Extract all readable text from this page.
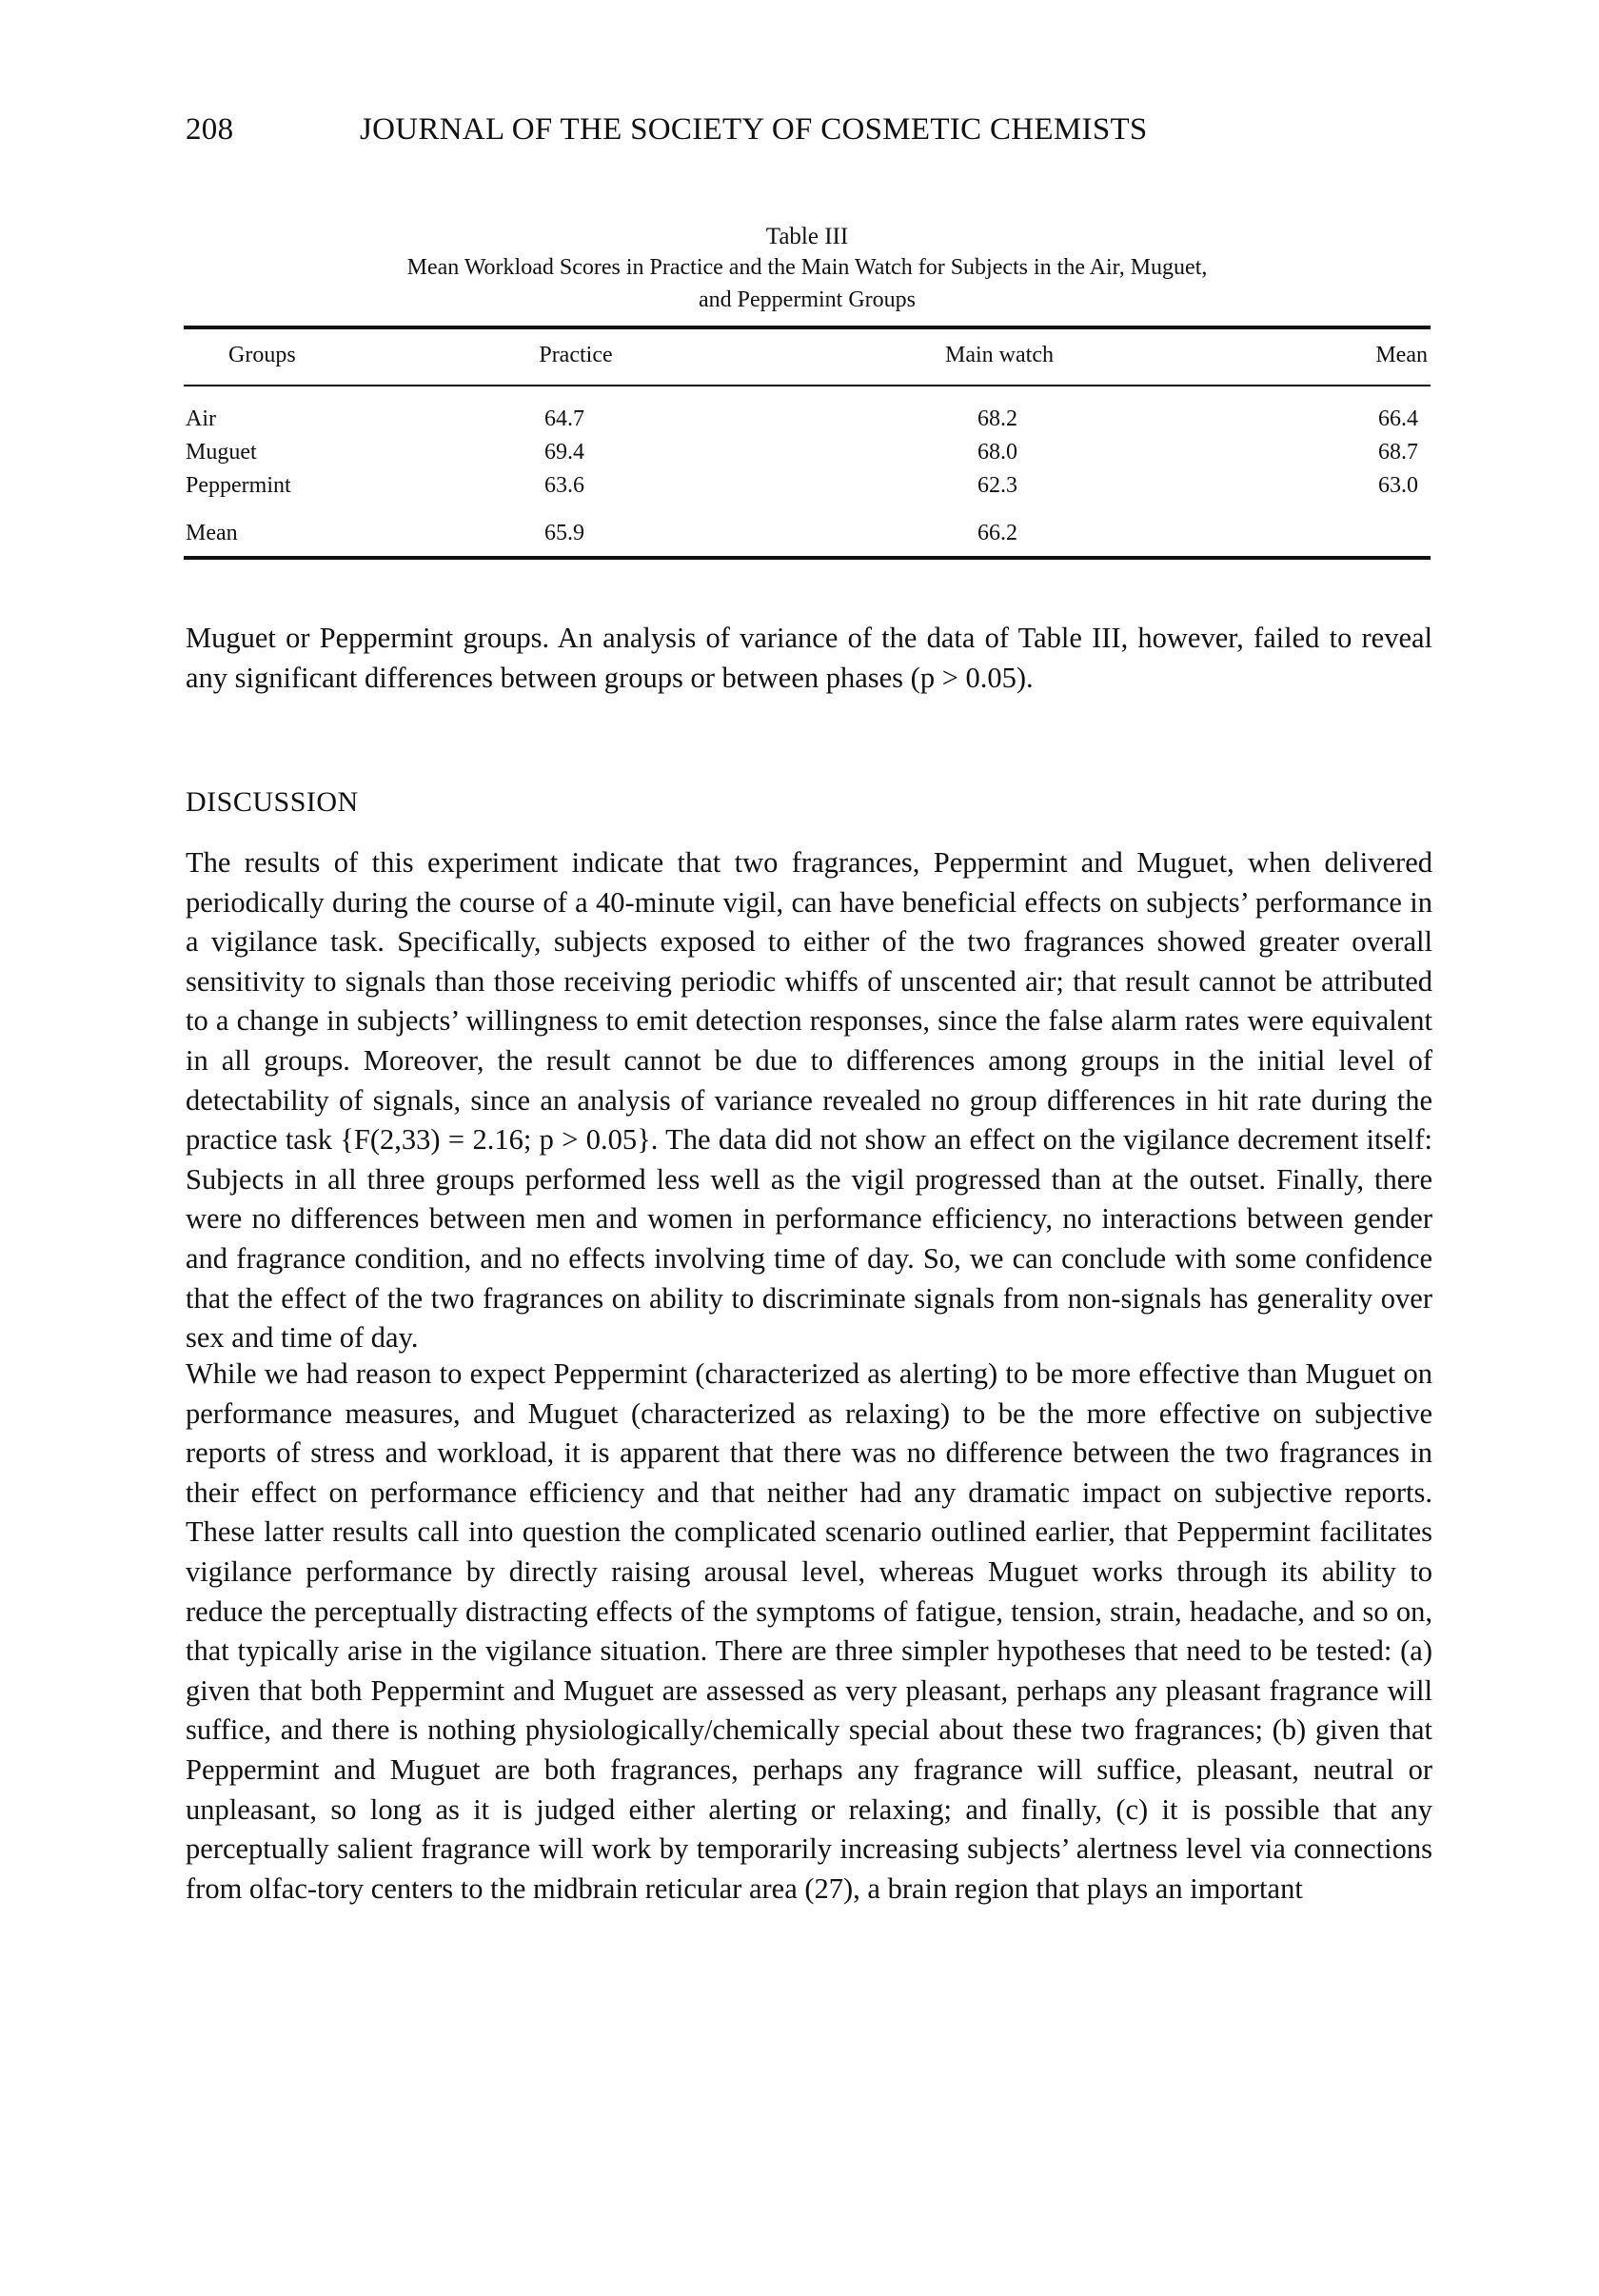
208	JOURNAL OF THE SOCIETY OF COSMETIC CHEMISTS
Table III
Mean Workload Scores in Practice and the Main Watch for Subjects in the Air, Muguet,
and Peppermint Groups
Groups	Practice	Main watch	Mean
Air	64.7	68.2	66.4
Muguet	69.4	68.0	68.7
Peppermint	63.6	62.3	63.0
Mean	65.9	66.2

Muguet or Peppermint groups. An analysis of variance of the data of Table III, however, failed to reveal any significant differences between groups or between phases (p > 0.05).

DISCUSSION

The results of this experiment indicate that two fragrances, Peppermint and Muguet, when delivered periodically during the course of a 40-minute vigil, can have beneficial effects on subjects’ performance in a vigilance task. Specifically, subjects exposed to either of the two fragrances showed greater overall sensitivity to signals than those receiving periodic whiffs of unscented air; that result cannot be attributed to a change in subjects’ willingness to emit detection responses, since the false alarm rates were equivalent in all groups. Moreover, the result cannot be due to differences among groups in the initial level of detectability of signals, since an analysis of variance revealed no group differences in hit rate during the practice task {F(2,33) = 2.16; p > 0.05}. The data did not show an effect on the vigilance decrement itself: Subjects in all three groups performed less well as the vigil progressed than at the outset. Finally, there were no differences between men and women in performance efficiency, no interactions between gender and fragrance condition, and no effects involving time of day. So, we can conclude with some confidence that the effect of the two fragrances on ability to discriminate signals from non-signals has generality over sex and time of day.

While we had reason to expect Peppermint (characterized as alerting) to be more effective than Muguet on performance measures, and Muguet (characterized as relaxing) to be the more effective on subjective reports of stress and workload, it is apparent that there was no difference between the two fragrances in their effect on performance efficiency and that neither had any dramatic impact on subjective reports. These latter results call into question the complicated scenario outlined earlier, that Peppermint facilitates vigilance performance by directly raising arousal level, whereas Muguet works through its ability to reduce the perceptually distracting effects of the symptoms of fatigue, tension, strain, headache, and so on, that typically arise in the vigilance situation. There are three simpler hypotheses that need to be tested: (a) given that both Peppermint and Muguet are assessed as very pleasant, perhaps any pleasant fragrance will suffice, and there is nothing physiologically/chemically special about these two fragrances; (b) given that Peppermint and Muguet are both fragrances, perhaps any fragrance will suffice, pleasant, neutral or unpleasant, so long as it is judged either alerting or relaxing; and finally, (c) it is possible that any perceptually salient fragrance will work by temporarily increasing subjects’ alertness level via connections from olfac-tory centers to the midbrain reticular area (27), a brain region that plays an important
